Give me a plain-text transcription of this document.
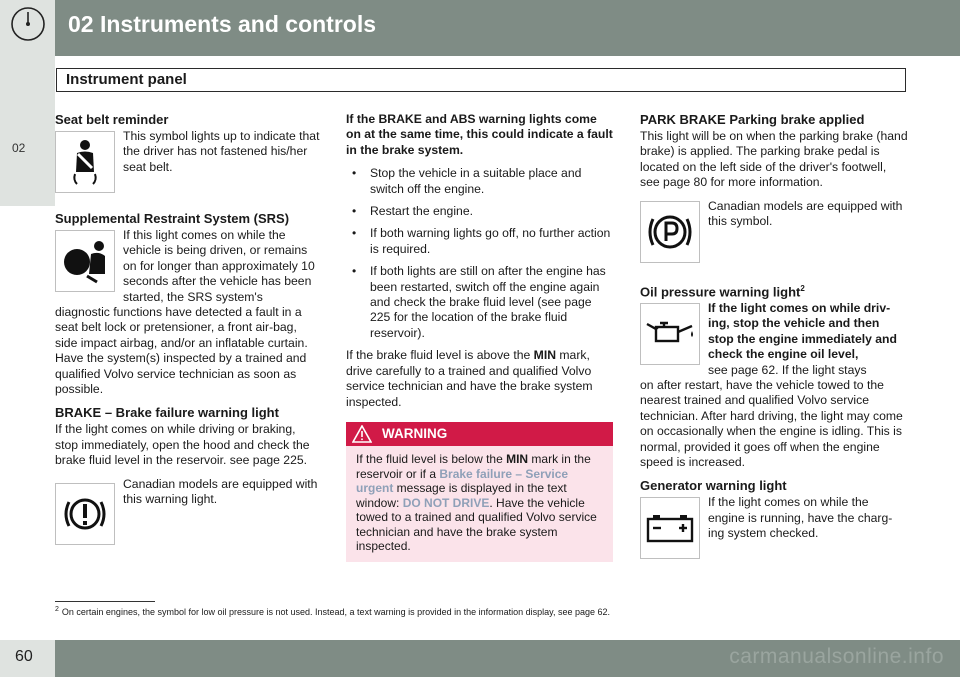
02 Instruments and controls
Instrument panel
02
Seat belt reminder

This symbol lights up to indicate that the driver has not fastened his/her seat belt.

Supplemental Restraint System (SRS)

If this light comes on while the vehicle is being driven, or remains on for longer than approximately 10 seconds after the vehicle has been started, the SRS system's

diagnostic functions have detected a fault in a seat belt lock or pretensioner, a front air-bag, side impact airbag, and/or an inflatable curtain. Have the system(s) inspected by a trained and qualified Volvo service technician as soon as possible.

BRAKE – Brake failure warning light

If the light comes on while driving or braking, stop immediately, open the hood and check the brake fluid level in the reservoir. see page 225.

Canadian models are equipped with this warning light.

If the BRAKE and ABS warning lights come on at the same time, this could indicate a fault in the brake system.

• Stop the vehicle in a suitable place and switch off the engine.
• Restart the engine.
• If both warning lights go off, no further action is required.
• If both lights are still on after the engine has been restarted, switch off the engine again and check the brake fluid level (see page 225 for the location of the brake fluid reservoir).

If the brake fluid level is above the MIN mark, drive carefully to a trained and qualified Volvo service technician and have the brake system inspected.

WARNING
If the fluid level is below the MIN mark in the reservoir or if a Brake failure – Service urgent message is displayed in the text window: DO NOT DRIVE. Have the vehicle towed to a trained and qualified Volvo service technician and have the brake system inspected.
PARK BRAKE Parking brake applied

This light will be on when the parking brake (hand brake) is applied. The parking brake pedal is located on the left side of the driver's footwell, see page 80 for more information.

Canadian models are equipped with this symbol.

Oil pressure warning light$^2$

If the light comes on while driv-ing, stop the vehicle and then stop the engine immediately and check the engine oil level,

see page 62. If the light stays

on after restart, have the vehicle towed to the nearest trained and qualified Volvo service technician. After hard driving, the light may come on occasionally when the engine is idling. This is normal, provided it goes off when the engine speed is increased.

Generator warning light

If the light comes on while the engine is running, have the charg-ing system checked.

$^2$ On certain engines, the symbol for low oil pressure is not used. Instead, a text warning is provided in the information display, see page 62.
60	carmanualsonline.info
